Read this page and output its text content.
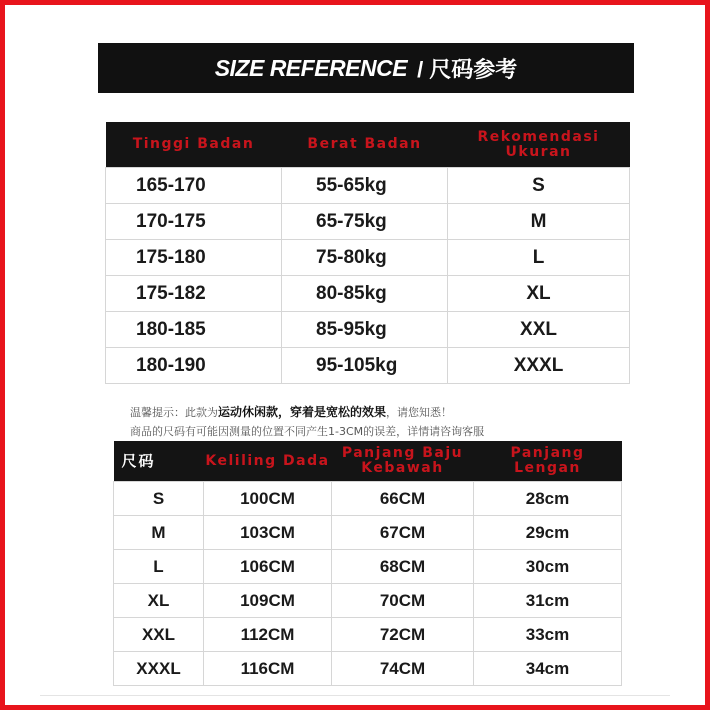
SIZE REFERENCE / 尺码参考
Tinggi Badan	Berat Badan	Rekomendasi Ukuran
165-170	55-65kg	S
170-175	65-75kg	M
175-180	75-80kg	L
175-182	80-85kg	XL
180-185	85-95kg	XXL
180-190	95-105kg	XXXL
温馨提示：此款为运动休闲款，穿着是宽松的效果，请您知悉！
商品的尺码有可能因测量的位置不同产生1-3CM的误差，详情请咨询客服
尺码	Keliling Dada	Panjang Baju Kebawah	Panjang Lengan
S	100CM	66CM	28cm
M	103CM	67CM	29cm
L	106CM	68CM	30cm
XL	109CM	70CM	31cm
XXL	112CM	72CM	33cm
XXXL	116CM	74CM	34cm
